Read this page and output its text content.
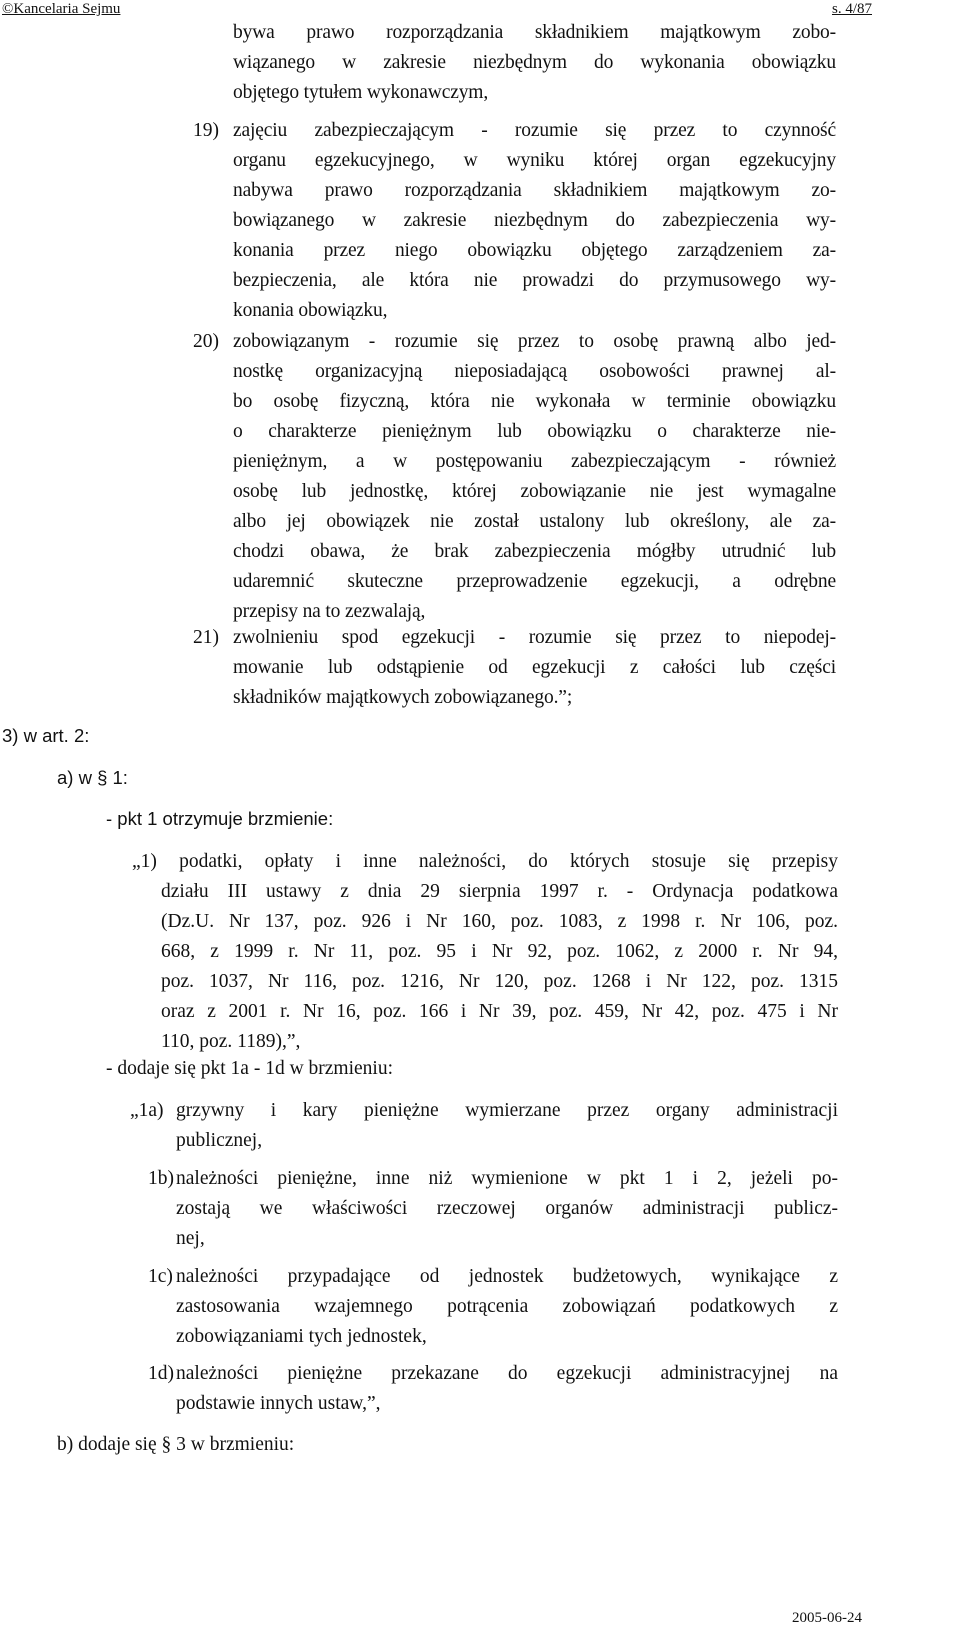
©Kancelaria Sejmu	s. 4/87
bywa prawo rozporządzania składnikiem majątkowym zobo-
wiązanego w zakresie niezbędnym do wykonania obowiązku
objętego tytułem wykonawczym,
19) zajęciu zabezpieczającym - rozumie się przez to czynność
organu egzekucyjnego, w wyniku której organ egzekucyjny
nabywa prawo rozporządzania składnikiem majątkowym zo-
bowiązanego w zakresie niezbędnym do zabezpieczenia wy-
konania przez niego obowiązku objętego zarządzeniem za-
bezpieczenia, ale która nie prowadzi do przymusowego wy-
konania obowiązku,
20) zobowiązanym - rozumie się przez to osobę prawną albo jed-
nostkę organizacyjną nieposiadającą osobowości prawnej al-
bo osobę fizyczną, która nie wykonała w terminie obowiązku
o charakterze pieniężnym lub obowiązku o charakterze nie-
pieniężnym, a w postępowaniu zabezpieczającym - również
osobę lub jednostkę, której zobowiązanie nie jest wymagalne
albo jej obowiązek nie został ustalony lub określony, ale za-
chodzi obawa, że brak zabezpieczenia mógłby utrudnić lub
udaremnić skuteczne przeprowadzenie egzekucji, a odrębne
przepisy na to zezwalają,
21) zwolnieniu spod egzekucji - rozumie się przez to niepodej-
mowanie lub odstąpienie od egzekucji z całości lub części
składników majątkowych zobowiązanego.”;
3) w art. 2:
a) w § 1:
- pkt 1 otrzymuje brzmienie:
„1) podatki, opłaty i inne należności, do których stosuje się przepisy
działu III ustawy z dnia 29 sierpnia 1997 r. - Ordynacja podatkowa
(Dz.U. Nr 137, poz. 926 i Nr 160, poz. 1083, z 1998 r. Nr 106, poz.
668, z 1999 r. Nr 11, poz. 95 i Nr 92, poz. 1062, z 2000 r. Nr 94,
poz. 1037, Nr 116, poz. 1216, Nr 120, poz. 1268 i Nr 122, poz. 1315
oraz z 2001 r. Nr 16, poz. 166 i Nr 39, poz. 459, Nr 42, poz. 475 i Nr
110, poz. 1189),”,
- dodaje się pkt 1a - 1d w brzmieniu:
„1a) grzywny i kary pieniężne wymierzane przez organy administracji
publicznej,
1b) należności pieniężne, inne niż wymienione w pkt 1 i 2, jeżeli po-
zostają we właściwości rzeczowej organów administracji publicz-
nej,
1c) należności przypadające od jednostek budżetowych, wynikające z
zastosowania wzajemnego potrącenia zobowiązań podatkowych z
zobowiązaniami tych jednostek,
1d) należności pieniężne przekazane do egzekucji administracyjnej na
podstawie innych ustaw,”,
b) dodaje się § 3 w brzmieniu:
2005-06-24
